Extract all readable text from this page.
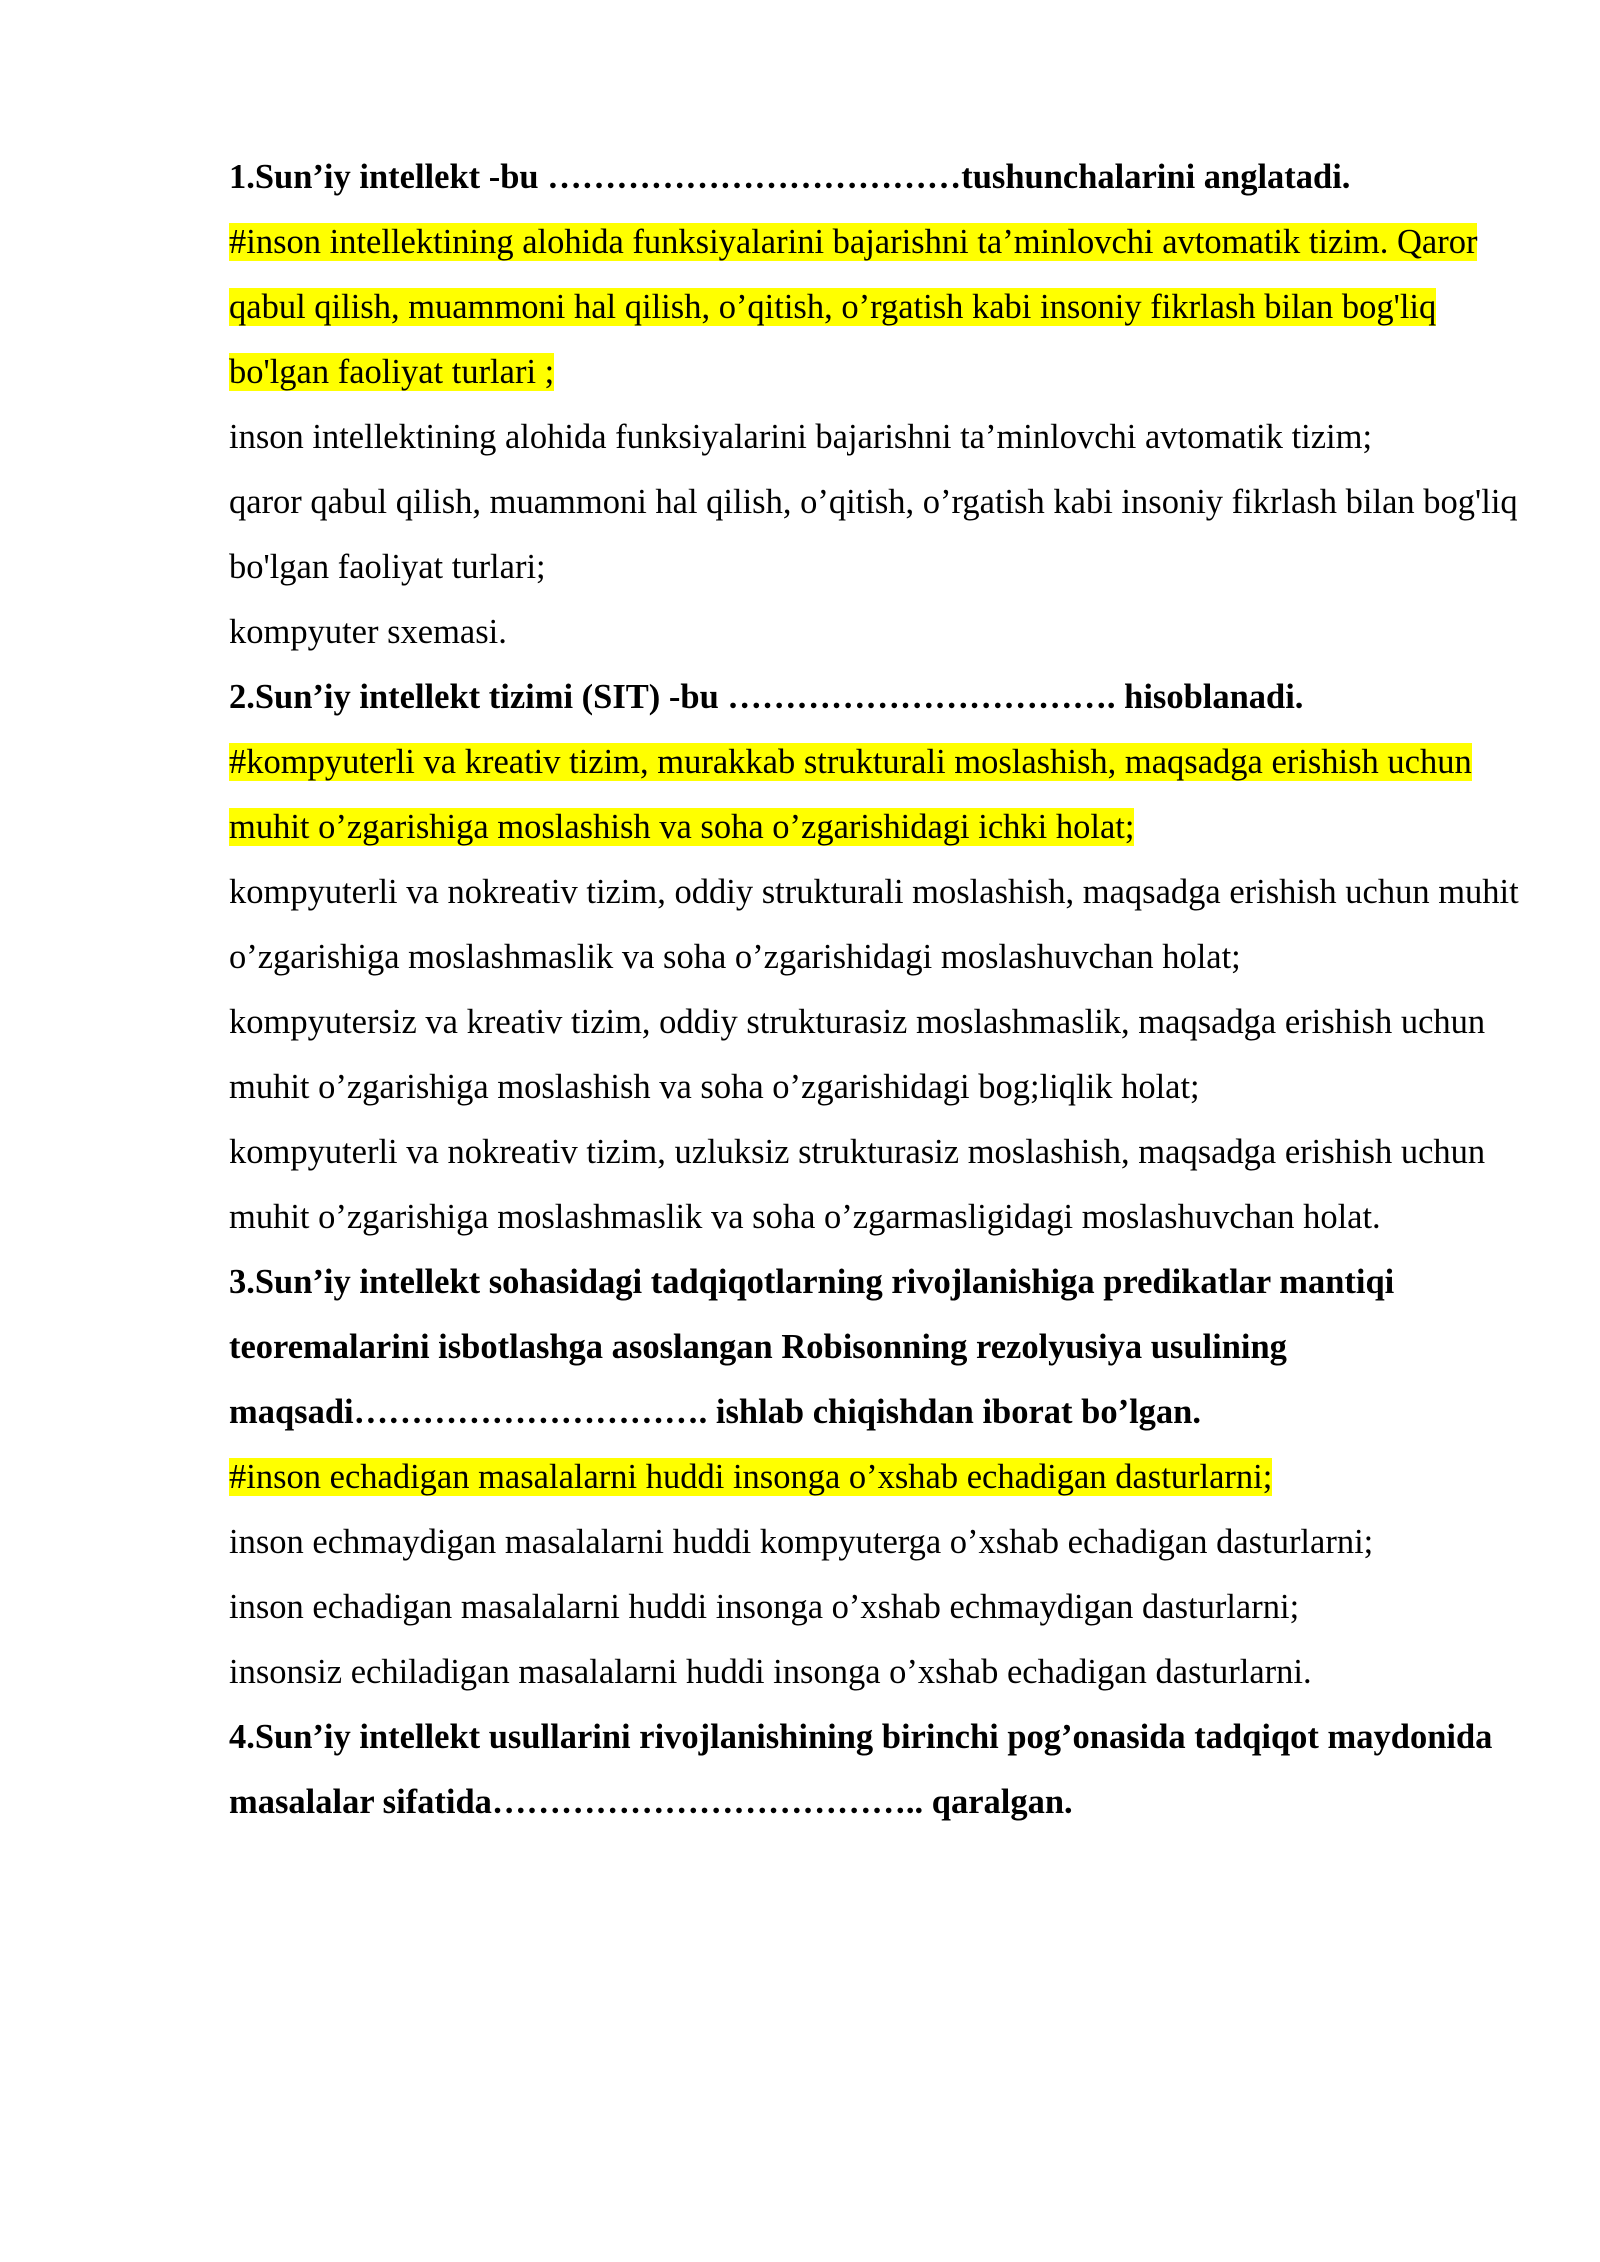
1.Sun’iy intellekt -bu ………………………………tushunchalarini anglatadi.

#inson intellektining alohida funksiyalarini bajarishni ta’minlovchi avtomatik tizim. Qaror qabul qilish, muammoni hal qilish, o’qitish, o’rgatish kabi insoniy fikrlash bilan bog'liq bo'lgan faoliyat turlari ;

inson intellektining alohida funksiyalarini bajarishni ta’minlovchi avtomatik tizim;

qaror qabul qilish, muammoni hal qilish, o’qitish, o’rgatish kabi insoniy fikrlash bilan bog'liq bo'lgan faoliyat turlari;

kompyuter sxemasi.

2.Sun’iy intellekt tizimi (SIT) -bu ……………………………. hisoblanadi.

#kompyuterli va kreativ tizim, murakkab strukturali moslashish, maqsadga erishish uchun muhit o’zgarishiga moslashish va soha o’zgarishidagi ichki holat;

kompyuterli va nokreativ tizim, oddiy strukturali moslashish, maqsadga erishish uchun muhit o’zgarishiga moslashmaslik va soha o’zgarishidagi moslashuvchan holat;

kompyutersiz va kreativ tizim, oddiy strukturasiz moslashmaslik, maqsadga erishish uchun muhit o’zgarishiga moslashish va soha o’zgarishidagi bog;liqlik holat;

kompyuterli va nokreativ tizim, uzluksiz strukturasiz moslashish, maqsadga erishish uchun muhit o’zgarishiga moslashmaslik va soha o’zgarmasligidagi moslashuvchan holat.

3.Sun’iy intellekt sohasidagi tadqiqotlarning rivojlanishiga predikatlar mantiqi teoremalarini isbotlashga asoslangan Robisonning rezolyusiya usulining maqsadi…………………………. ishlab chiqishdan iborat bo’lgan.

#inson echadigan masalalarni huddi insonga o’xshab echadigan dasturlarni;

inson echmaydigan masalalarni huddi kompyuterga o’xshab echadigan dasturlarni;

inson echadigan masalalarni huddi insonga o’xshab echmaydigan dasturlarni;

insonsiz echiladigan masalalarni huddi insonga o’xshab echadigan dasturlarni.

4.Sun’iy intellekt usullarini rivojlanishining birinchi pog’onasida tadqiqot maydonida masalalar sifatida……………………………….. qaralgan.
